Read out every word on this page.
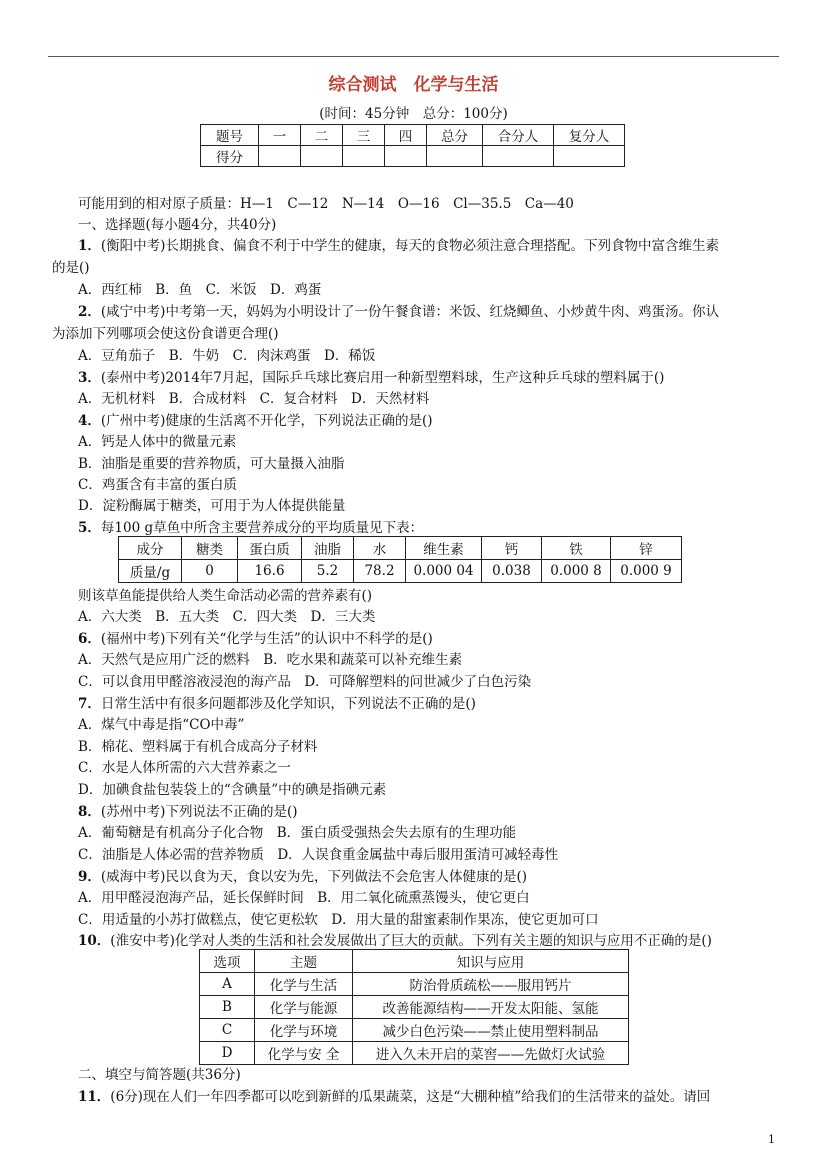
综合测试　化学与生活
(时间：45分钟　总分：100分)
题号	一	二	三	四	总分	合分人	复分人
得分							
可能用到的相对原子质量：H—1　C—12　N—14　O—16　Cl—35.5　Ca—40
一、选择题(每小题4分，共40分)
1．(衡阳中考)长期挑食、偏食不利于中学生的健康，每天的食物必须注意合理搭配。下列食物中富含维生素
的是()
A．西红柿　B．鱼　C．米饭　D．鸡蛋
2．(咸宁中考)中考第一天，妈妈为小明设计了一份午餐食谱：米饭、红烧鲫鱼、小炒黄牛肉、鸡蛋汤。你认
为添加下列哪项会使这份食谱更合理()
A．豆角茄子　B．牛奶　C．肉沫鸡蛋　D．稀饭
3．(泰州中考)2014年7月起，国际乒乓球比赛启用一种新型塑料球，生产这种乒乓球的塑料属于()
A．无机材料　B．合成材料　C．复合材料　D．天然材料
4．(广州中考)健康的生活离不开化学，下列说法正确的是()
A．钙是人体中的微量元素
B．油脂是重要的营养物质，可大量摄入油脂
C．鸡蛋含有丰富的蛋白质
D．淀粉酶属于糖类，可用于为人体提供能量
5．每100 g草鱼中所含主要营养成分的平均质量见下表：
成分	糖类	蛋白质	油脂	水	维生素	钙	铁	锌
质量/g	0	16.6	5.2	78.2	0.000 04	0.038	0.000 8	0.000 9
则该草鱼能提供给人类生命活动必需的营养素有()
A．六大类　B．五大类　C．四大类　D．三大类
6．(福州中考)下列有关“化学与生活”的认识中不科学的是()
A．天然气是应用广泛的燃料　B．吃水果和蔬菜可以补充维生素
C．可以食用甲醛溶液浸泡的海产品　D．可降解塑料的问世减少了白色污染
7．日常生活中有很多问题都涉及化学知识，下列说法不正确的是()
A．煤气中毒是指“CO中毒”
B．棉花、塑料属于有机合成高分子材料
C．水是人体所需的六大营养素之一
D．加碘食盐包装袋上的“含碘量”中的碘是指碘元素
8．(苏州中考)下列说法不正确的是()
A．葡萄糖是有机高分子化合物　B．蛋白质受强热会失去原有的生理功能
C．油脂是人体必需的营养物质　D．人误食重金属盐中毒后服用蛋清可减轻毒性
9．(威海中考)民以食为天，食以安为先，下列做法不会危害人体健康的是()
A．用甲醛浸泡海产品，延长保鲜时间　B．用二氧化硫熏蒸馒头，使它更白
C．用适量的小苏打做糕点，使它更松软　D．用大量的甜蜜素制作果冻，使它更加可口
10．(淮安中考)化学对人类的生活和社会发展做出了巨大的贡献。下列有关主题的知识与应用不正确的是()
选项	主题	知识与应用
A	化学与生活	防治骨质疏松——服用钙片
B	化学与能源	改善能源结构——开发太阳能、氢能
C	化学与环境	减少白色污染——禁止使用塑料制品
D	化学与安 全	进入久未开启的菜窖——先做灯火试验
二、填空与简答题(共36分)
11．(6分)现在人们一年四季都可以吃到新鲜的瓜果蔬菜，这是“大棚种植”给我们的生活带来的益处。请回
1
